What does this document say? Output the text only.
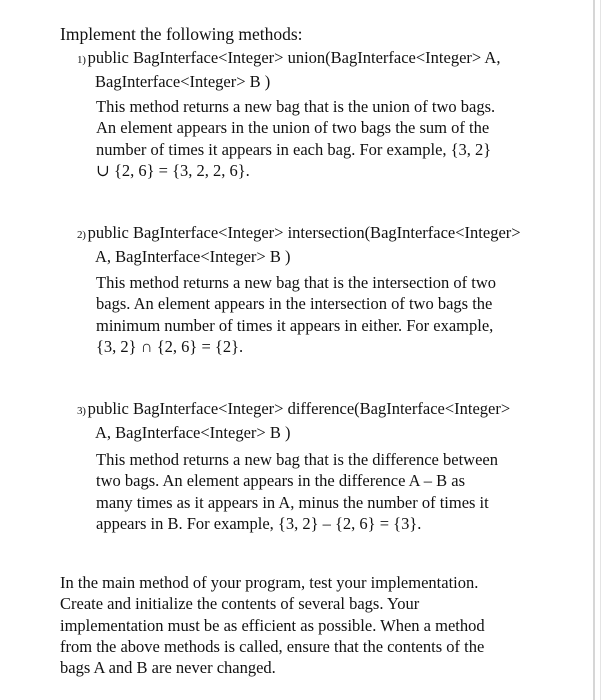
Implement the following methods:
1) public BagInterface<Integer> union(BagInterface<Integer> A,
BagInterface<Integer> B )
This method returns a new bag that is the union of two bags.
An element appears in the union of two bags the sum of the
number of times it appears in each bag. For example, {3, 2}
∪ {2, 6} = {3, 2, 2, 6}.
2) public BagInterface<Integer> intersection(BagInterface<Integer>
A, BagInterface<Integer> B )
This method returns a new bag that is the intersection of two
bags. An element appears in the intersection of two bags the
minimum number of times it appears in either. For example,
{3, 2} ∩ {2, 6} = {2}.
3) public BagInterface<Integer> difference(BagInterface<Integer>
A, BagInterface<Integer> B )
This method returns a new bag that is the difference between
two bags. An element appears in the difference A – B as
many times as it appears in A, minus the number of times it
appears in B. For example, {3, 2} – {2, 6} = {3}.
In the main method of your program, test your implementation.
Create and initialize the contents of several bags. Your
implementation must be as efficient as possible. When a method
from the above methods is called, ensure that the contents of the
bags A and B are never changed.
